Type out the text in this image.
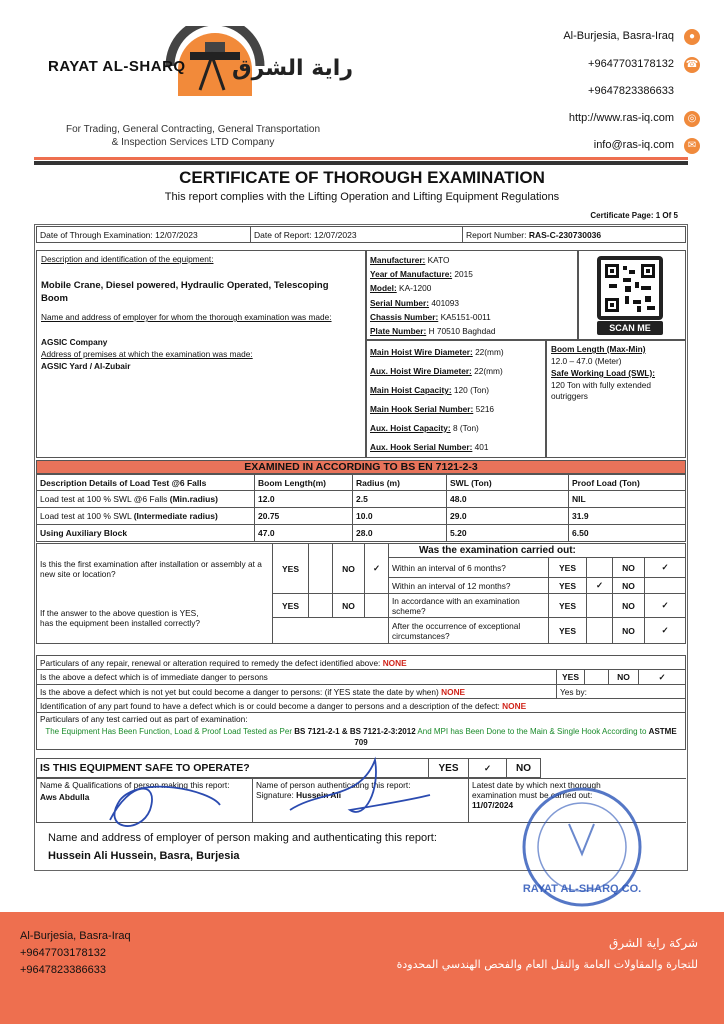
RAYAT AL-SHARQ راية الشرق
For Trading, General Contracting, General Transportation
& Inspection Services LTD Company
Al-Burjesia, Basra-Iraq	●
+9647703178132 ☎
+9647823386633
http://www.ras-iq.com	◎
info@ras-iq.com	✉
CERTIFICATE OF THOROUGH EXAMINATION
This report complies with the Lifting Operation and Lifting Equipment Regulations
Certificate Page: 1 Of 5
Date of Through Examination: 12/07/2023	Date of Report: 12/07/2023	Report Number: RAS-C-230730036
Description and identification of the equipment:
Mobile Crane, Diesel powered, Hydraulic Operated, Telescoping Boom
Name and address of employer for whom the thorough examination was made:
AGSIC Company
Address of premises at which the examination was made:
AGSIC Yard / Al-Zubair
Manufacturer: KATO
Year of Manufacture: 2015
Model: KA-1200
Serial Number: 401093
Chassis Number: KA5151-0011
Plate Number: H 70510 Baghdad	SCAN ME
Main Hoist Wire Diameter: 22(mm)
Aux. Hoist Wire Diameter: 22(mm)
Main Hoist Capacity: 120 (Ton)
Main Hook Serial Number: 5216
Aux. Hoist Capacity: 8 (Ton)
Aux. Hook Serial Number: 401
Boom Length (Max-Min)
12.0 – 47.0 (Meter)
Safe Working Load (SWL):
120 Ton with fully extended outriggers
EXAMINED IN ACCORDING TO BS EN 7121-2-3
Description Details of Load Test @6 Falls	Boom Length(m)	Radius (m)	SWL (Ton)	Proof Load (Ton)
Load test at 100 % SWL @6 Falls (Min.radius)	12.0	2.5	48.0	NIL
Load test at 100 % SWL (Intermediate radius)	20.75	10.0	29.0	31.9
Using Auxiliary Block	47.0	28.0	5.20	6.50
Is this the first examination after installation or assembly at a new site or location?	YES		NO	✓	Was the examination carried out:				
					Within an interval of 6 months?	YES		NO	✓
					Within an interval of 12 months?	YES	✓	NO	

If the answer to the above question is YES,
has the equipment been installed correctly?	YES		NO		In accordance with an examination scheme?	YES		NO	✓
					After the occurrence of exceptional circumstances?	YES		NO	✓
Particulars of any repair, renewal or alteration required to remedy the defect identified above: NONE				
Is the above a defect which is of immediate danger to persons	YES		NO	✓
Is the above a defect which is not yet but could become a danger to persons: (if YES state the date by when) NONE	Yes by:			
Identification of any part found to have a defect which is or could become a danger to persons and a description of the defect: NONE				

Particulars of any test carried out as part of examination:
The Equipment Has Been Function, Load & Proof Load Tested as Per BS 7121-2-1 & BS 7121-2-3:2012 And MPI has Been Done to the Main & Single Hook According to ASTME 709				
IS THIS EQUIPMENT SAFE TO OPERATE?	YES	✓	NO	
Name & Qualifications of person making this report:
Aws Abdulla

Name of person authenticating this report:
Signature: Hussein Ali

Latest date by which next thorough examination must be carried out:
11/07/2024
Name and address of employer of person making and authenticating this report:
Hussein Ali Hussein, Basra, Burjesia
RAYAT AL-SHARQ CO.
Al-Burjesia, Basra-Iraq
+9647703178132
+9647823386633
شركة راية الشرق
للتجارة والمقاولات العامة والنقل العام والفحص الهندسي المحدودة
